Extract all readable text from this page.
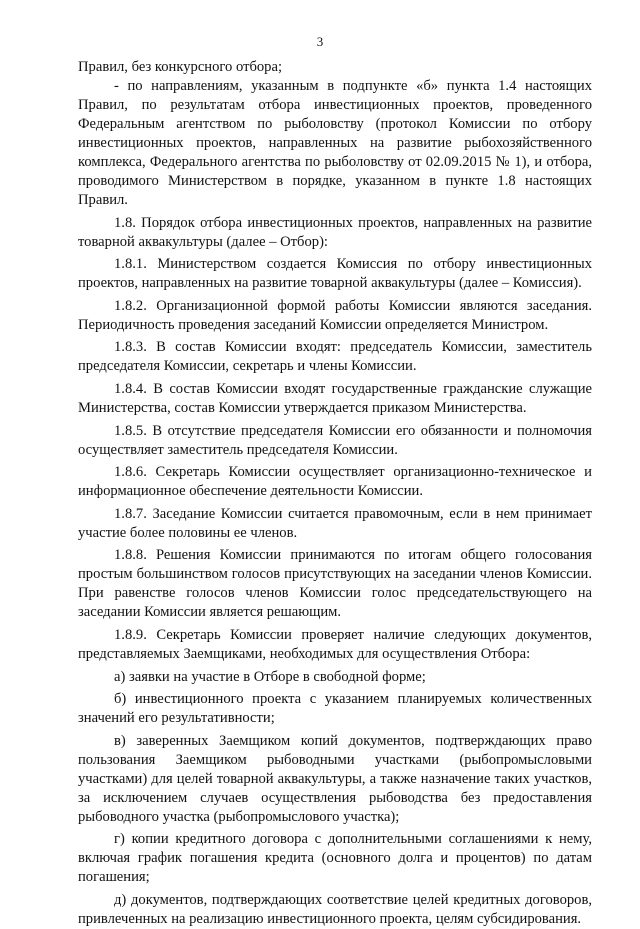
3

Правил, без конкурсного отбора;

- по направлениям, указанным в подпункте «б» пункта 1.4 настоящих Правил, по результатам отбора инвестиционных проектов, проведенного Федеральным агентством по рыболовству (протокол Комиссии по отбору инвестиционных проектов, направленных на развитие рыбохозяйственного комплекса, Федерального агентства по рыболовству от 02.09.2015 № 1), и отбора, проводимого Министерством в порядке, указанном в пункте 1.8 настоящих Правил.

1.8. Порядок отбора инвестиционных проектов, направленных на развитие товарной аквакультуры (далее – Отбор):

1.8.1. Министерством создается Комиссия по отбору инвестиционных проектов, направленных на развитие товарной аквакультуры (далее – Комиссия).

1.8.2. Организационной формой работы Комиссии являются заседания. Периодичность проведения заседаний Комиссии определяется Министром.

1.8.3. В состав Комиссии входят: председатель Комиссии, заместитель председателя Комиссии, секретарь и члены Комиссии.

1.8.4. В состав Комиссии входят государственные гражданские служащие Министерства, состав Комиссии утверждается приказом Министерства.

1.8.5. В отсутствие председателя Комиссии его обязанности и полномочия осуществляет заместитель председателя Комиссии.

1.8.6. Секретарь Комиссии осуществляет организационно-техническое и информационное обеспечение деятельности Комиссии.

1.8.7. Заседание Комиссии считается правомочным, если в нем принимает участие более половины ее членов.

1.8.8. Решения Комиссии принимаются по итогам общего голосования простым большинством голосов присутствующих на заседании членов Комиссии. При равенстве голосов членов Комиссии голос председательствующего на заседании Комиссии является решающим.

1.8.9. Секретарь Комиссии проверяет наличие следующих документов, представляемых Заемщиками, необходимых для осуществления Отбора:

а) заявки на участие в Отборе в свободной форме;

б) инвестиционного проекта с указанием планируемых количественных значений его результативности;

в) заверенных Заемщиком копий документов, подтверждающих право пользования Заемщиком рыбоводными участками (рыбопромысловыми участками) для целей товарной аквакультуры, а также назначение таких участков, за исключением случаев осуществления рыбоводства без предоставления рыбоводного участка (рыбопромыслового участка);

г) копии кредитного договора с дополнительными соглашениями к нему, включая график погашения кредита (основного долга и процентов) по датам погашения;

д) документов, подтверждающих соответствие целей кредитных договоров, привлеченных на реализацию инвестиционного проекта, целям субсидирования.
